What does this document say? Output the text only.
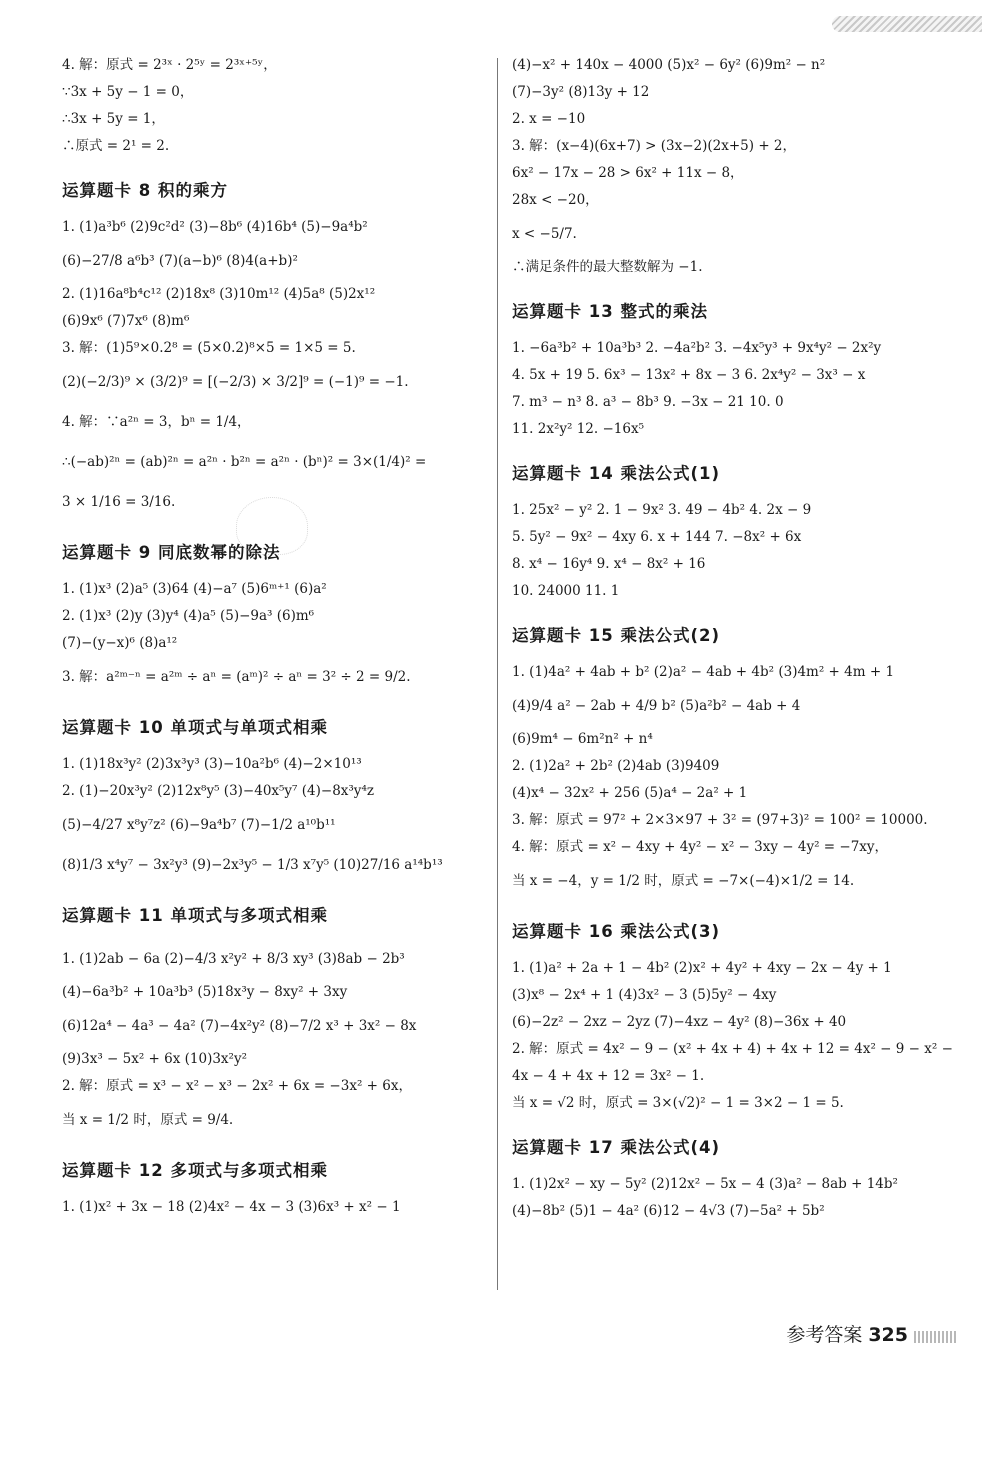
4. 解：原式 = 2³ˣ · 2⁵ʸ = 2³ˣ⁺⁵ʸ，
∵3x + 5y − 1 = 0，
∴3x + 5y = 1，
∴原式 = 2¹ = 2.
运算题卡 8 积的乘方
1. (1)a³b⁶ (2)9c²d² (3)−8b⁶ (4)16b⁴ (5)−9a⁴b²
(6)−27/8 a⁶b³ (7)(a−b)⁶ (8)4(a+b)²
2. (1)16a⁸b⁴c¹² (2)18x⁸ (3)10m¹² (4)5a⁸ (5)2x¹²
(6)9x⁶ (7)7x⁶ (8)m⁶
3. 解：(1)5⁹×0.2⁸ = (5×0.2)⁸×5 = 1×5 = 5.
(2)(−2/3)⁹ × (3/2)⁹ = [(−2/3) × 3/2]⁹ = (−1)⁹ = −1.
4. 解：∵a²ⁿ = 3，bⁿ = 1/4，
∴(−ab)²ⁿ = (ab)²ⁿ = a²ⁿ · b²ⁿ = a²ⁿ · (bⁿ)² = 3×(1/4)² =
3 × 1/16 = 3/16.
运算题卡 9 同底数幂的除法
1. (1)x³ (2)a⁵ (3)64 (4)−a⁷ (5)6ᵐ⁺¹ (6)a²
2. (1)x³ (2)y (3)y⁴ (4)a⁵ (5)−9a³ (6)m⁶
(7)−(y−x)⁶ (8)a¹²
3. 解：a²ᵐ⁻ⁿ = a²ᵐ ÷ aⁿ = (aᵐ)² ÷ aⁿ = 3² ÷ 2 = 9/2.
运算题卡 10 单项式与单项式相乘
1. (1)18x³y² (2)3x³y³ (3)−10a²b⁶ (4)−2×10¹³
2. (1)−20x³y² (2)12x⁸y⁵ (3)−40x⁵y⁷ (4)−8x³y⁴z
(5)−4/27 x⁸y⁷z² (6)−9a⁴b⁷ (7)−1/2 a¹⁰b¹¹
(8)1/3 x⁴y⁷ − 3x²y³ (9)−2x³y⁵ − 1/3 x⁷y⁵ (10)27/16 a¹⁴b¹³
运算题卡 11 单项式与多项式相乘
1. (1)2ab − 6a (2)−4/3 x²y² + 8/3 xy³ (3)8ab − 2b³
(4)−6a³b² + 10a³b³ (5)18x³y − 8xy² + 3xy
(6)12a⁴ − 4a³ − 4a² (7)−4x²y² (8)−7/2 x³ + 3x² − 8x
(9)3x³ − 5x² + 6x (10)3x²y²
2. 解：原式 = x³ − x² − x³ − 2x² + 6x = −3x² + 6x，
当 x = 1/2 时，原式 = 9/4.
运算题卡 12 多项式与多项式相乘
1. (1)x² + 3x − 18 (2)4x² − 4x − 3 (3)6x³ + x² − 1
(4)−x² + 140x − 4000 (5)x² − 6y² (6)9m² − n²
(7)−3y² (8)13y + 12
2. x = −10
3. 解：(x−4)(6x+7) > (3x−2)(2x+5) + 2，
6x² − 17x − 28 > 6x² + 11x − 8，
28x < −20，
x < −5/7.
∴满足条件的最大整数解为 −1.
运算题卡 13 整式的乘法
1. −6a³b² + 10a³b³ 2. −4a²b² 3. −4x⁵y³ + 9x⁴y² − 2x²y
4. 5x + 19 5. 6x³ − 13x² + 8x − 3 6. 2x⁴y² − 3x³ − x
7. m³ − n³ 8. a³ − 8b³ 9. −3x − 21 10. 0
11. 2x²y² 12. −16x⁵
运算题卡 14 乘法公式(1)
1. 25x² − y² 2. 1 − 9x² 3. 49 − 4b² 4. 2x − 9
5. 5y² − 9x² − 4xy 6. x + 144 7. −8x² + 6x
8. x⁴ − 16y⁴ 9. x⁴ − 8x² + 16
10. 24000 11. 1
运算题卡 15 乘法公式(2)
1. (1)4a² + 4ab + b² (2)a² − 4ab + 4b² (3)4m² + 4m + 1
(4)9/4 a² − 2ab + 4/9 b² (5)a²b² − 4ab + 4
(6)9m⁴ − 6m²n² + n⁴
2. (1)2a² + 2b² (2)4ab (3)9409
(4)x⁴ − 32x² + 256 (5)a⁴ − 2a² + 1
3. 解：原式 = 97² + 2×3×97 + 3² = (97+3)² = 100² = 10000.
4. 解：原式 = x² − 4xy + 4y² − x² − 3xy − 4y² = −7xy，
当 x = −4，y = 1/2 时，原式 = −7×(−4)×1/2 = 14.
运算题卡 16 乘法公式(3)
1. (1)a² + 2a + 1 − 4b² (2)x² + 4y² + 4xy − 2x − 4y + 1
(3)x⁸ − 2x⁴ + 1 (4)3x² − 3 (5)5y² − 4xy
(6)−2z² − 2xz − 2yz (7)−4xz − 4y² (8)−36x + 40
2. 解：原式 = 4x² − 9 − (x² + 4x + 4) + 4x + 12 = 4x² − 9 − x² −
4x − 4 + 4x + 12 = 3x² − 1.
当 x = √2 时，原式 = 3×(√2)² − 1 = 3×2 − 1 = 5.
运算题卡 17 乘法公式(4)
1. (1)2x² − xy − 5y² (2)12x² − 5x − 4 (3)a² − 8ab + 14b²
(4)−8b² (5)1 − 4a² (6)12 − 4√3 (7)−5a² + 5b²
参考答案 325
